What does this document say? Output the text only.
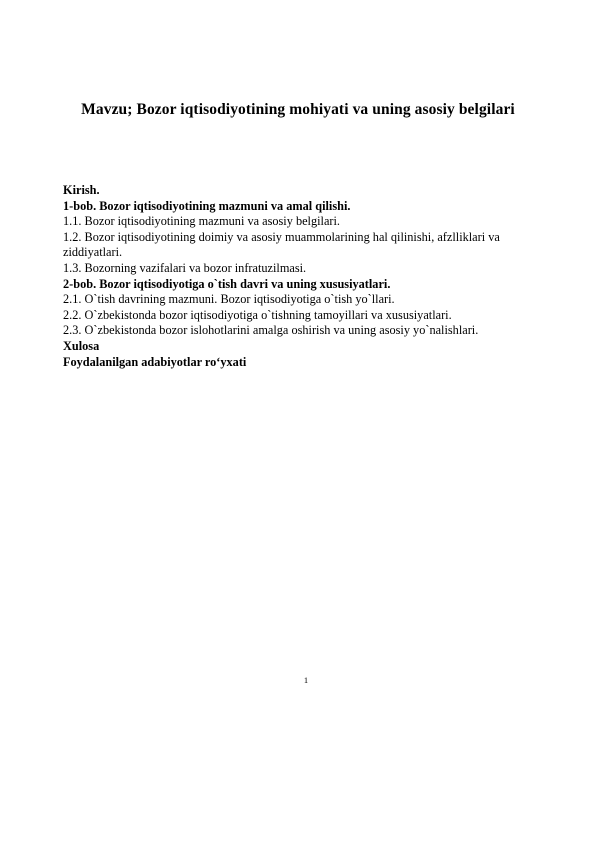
Mavzu; Bozor iqtisodiyotining mohiyati va uning asosiy belgilari
Kirish.
1-bob. Bozor iqtisodiyotining mazmuni va amal qilishi.
1.1. Bozor iqtisodiyotining mazmuni va asosiy belgilari.
1.2. Bozor iqtisodiyotining doimiy va asosiy muammolarining hal qilinishi, afzlliklari va ziddiyatlari.
1.3. Bozorning vazifalari va bozor infratuzilmasi.
2-bob. Bozor iqtisodiyotiga o`tish davri va uning xususiyatlari.
2.1. O`tish davrining mazmuni. Bozor iqtisodiyotiga o`tish yo`llari.
2.2. O`zbekistonda bozor iqtisodiyotiga o`tishning tamoyillari va xususiyatlari.
2.3. O`zbekistonda bozor islohotlarini amalga oshirish va uning asosiy yo`nalishlari.
Xulosa
Foydalanilgan adabiyotlar ro‘yxati
1
